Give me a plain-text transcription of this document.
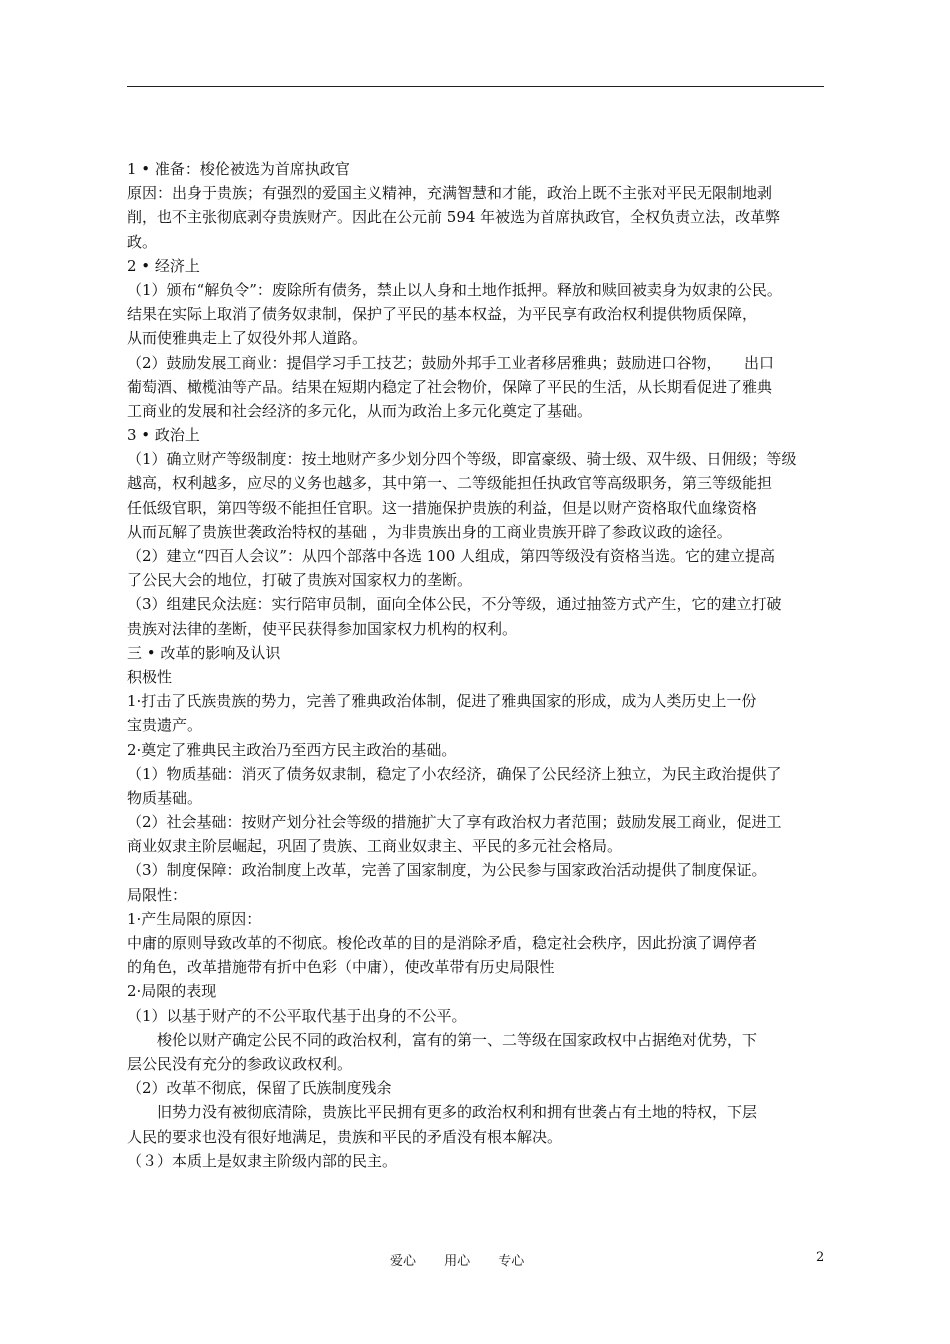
1 • 准备：梭伦被选为首席执政官
原因：出身于贵族；有强烈的爱国主义精神，充满智慧和才能，政治上既不主张对平民无限制地剥
削，也不主张彻底剥夺贵族财产。因此在公元前 594 年被选为首席执政官，全权负责立法，改革弊
政。
2 • 经济上
（1）颁布“解负令”：废除所有债务，禁止以人身和土地作抵押。释放和赎回被卖身为奴隶的公民。
结果在实际上取消了债务奴隶制，保护了平民的基本权益，为平民享有政治权利提供物质保障，
从而使雅典走上了奴役外邦人道路。
（2）鼓励发展工商业：提倡学习手工技艺；鼓励外邦手工业者移居雅典；鼓励进口谷物，　　出口
葡萄酒、橄榄油等产品。结果在短期内稳定了社会物价，保障了平民的生活，从长期看促进了雅典
工商业的发展和社会经济的多元化，从而为政治上多元化奠定了基础。
3 • 政治上
（1）确立财产等级制度：按土地财产多少划分四个等级，即富豪级、骑士级、双牛级、日佣级；等级
越高，权利越多，应尽的义务也越多，其中第一、二等级能担任执政官等高级职务，第三等级能担
任低级官职，第四等级不能担任官职。这一措施保护贵族的利益，但是以财产资格取代血缘资格
从而瓦解了贵族世袭政治特权的基础 ，为非贵族出身的工商业贵族开辟了参政议政的途径。
（2）建立“四百人会议”：从四个部落中各选 100 人组成，第四等级没有资格当选。它的建立提高
了公民大会的地位，打破了贵族对国家权力的垄断。
（3）组建民众法庭：实行陪审员制，面向全体公民，不分等级，通过抽签方式产生，它的建立打破
贵族对法律的垄断，使平民获得参加国家权力机构的权利。
三 • 改革的影响及认识
积极性
1·打击了氏族贵族的势力，完善了雅典政治体制，促进了雅典国家的形成，成为人类历史上一份
宝贵遗产。
2·奠定了雅典民主政治乃至西方民主政治的基础。
（1）物质基础：消灭了债务奴隶制，稳定了小农经济，确保了公民经济上独立，为民主政治提供了
物质基础。
（2）社会基础：按财产划分社会等级的措施扩大了享有政治权力者范围；鼓励发展工商业，促进工
商业奴隶主阶层崛起，巩固了贵族、工商业奴隶主、平民的多元社会格局。
（3）制度保障：政治制度上改革，完善了国家制度，为公民参与国家政治活动提供了制度保证。
局限性：
1·产生局限的原因：
中庸的原则导致改革的不彻底。梭伦改革的目的是消除矛盾，稳定社会秩序，因此扮演了调停者
的角色，改革措施带有折中色彩（中庸），使改革带有历史局限性
2·局限的表现
（1）以基于财产的不公平取代基于出身的不公平。
　　梭伦以财产确定公民不同的政治权利，富有的第一、二等级在国家政权中占据绝对优势，下
层公民没有充分的参政议政权利。
（2）改革不彻底，保留了氏族制度残余
　　旧势力没有被彻底清除，贵族比平民拥有更多的政治权利和拥有世袭占有土地的特权，下层
人民的要求也没有很好地满足，贵族和平民的矛盾没有根本解决。
（３）本质上是奴隶主阶级内部的民主。
爱心 用心 专心	2
